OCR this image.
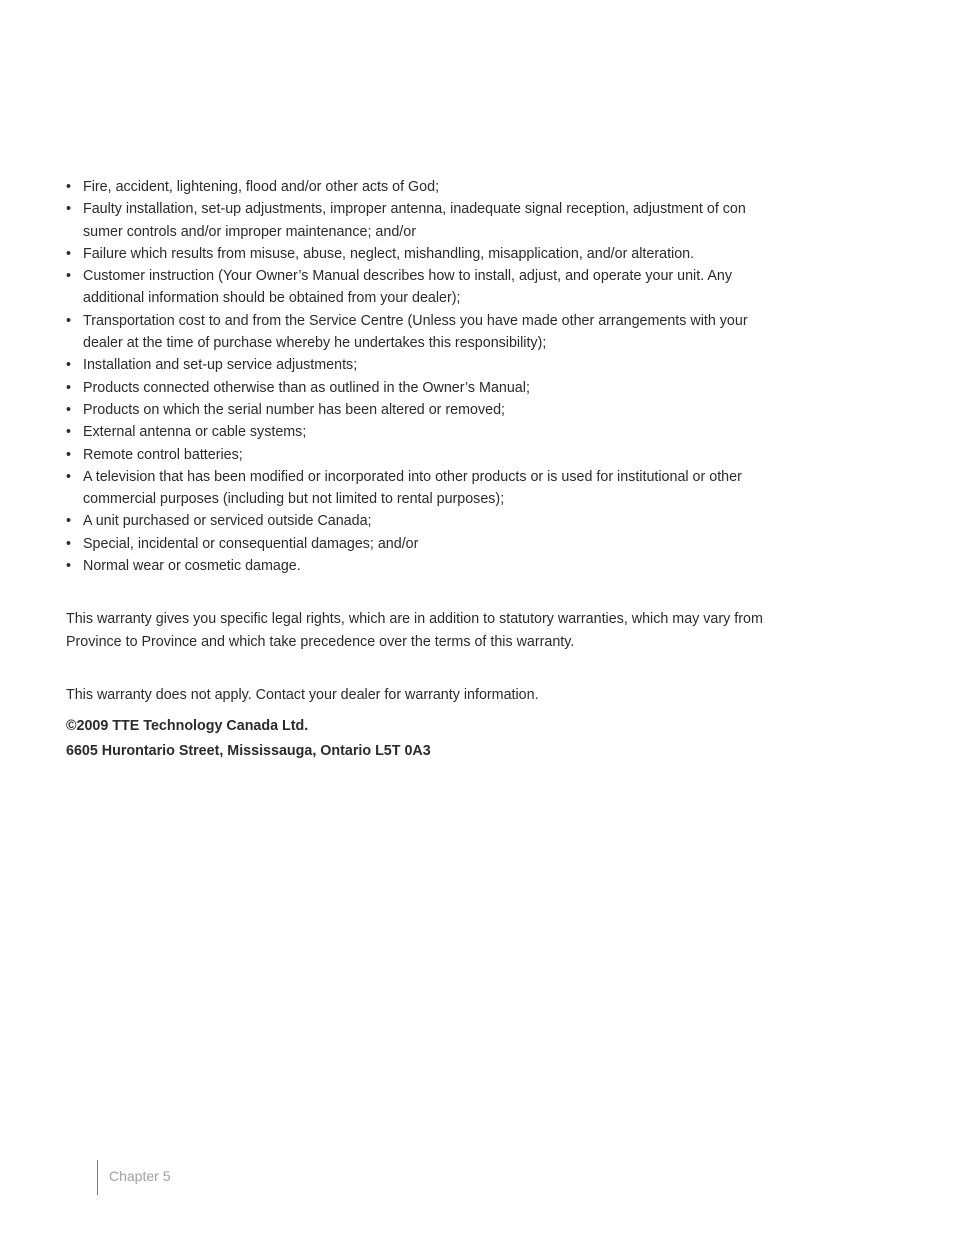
• Fire, accident, lightening, flood and/or other acts of God;
• Faulty installation, set-up adjustments, improper antenna, inadequate signal reception, adjustment of con sumer controls and/or improper maintenance; and/or
• Failure which results from misuse, abuse, neglect, mishandling, misapplication, and/or alteration.
• Customer instruction (Your Owner’s Manual describes how to install, adjust, and operate your unit. Any additional information should be obtained from your dealer);
• Transportation cost to and from the Service Centre (Unless you have made other arrangements with your dealer at the time of purchase whereby he undertakes this responsibility);
• Installation and set-up service adjustments;
• Products connected otherwise than as outlined in the Owner’s Manual;
• Products on which the serial number has been altered or removed;
• External antenna or cable systems;
• Remote control batteries;
• A television that has been modified or incorporated into other products or is used for institutional or other commercial purposes (including but not limited to rental purposes);
• A unit purchased or serviced outside Canada;
• Special, incidental or consequential damages; and/or
• Normal wear or cosmetic damage.

This warranty gives you specific legal rights, which are in addition to statutory warranties, which may vary from Province to Province and which take precedence over the terms of this warranty.

This warranty does not apply. Contact your dealer for warranty information.

©2009 TTE Technology Canada Ltd.

6605 Hurontario Street, Mississauga, Ontario L5T 0A3

Chapter 5
